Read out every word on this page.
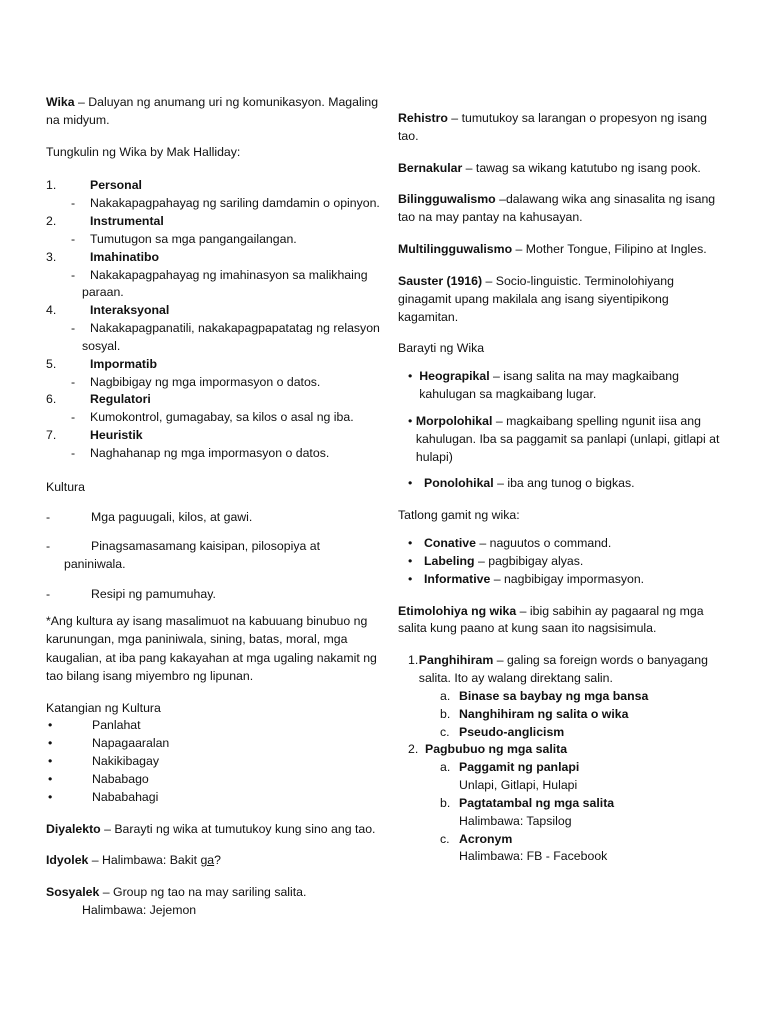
Wika – Daluyan ng anumang uri ng komunikasyon. Magaling na midyum.

Tungkulin ng Wika by Mak Halliday:

1.	Personal
-	Nakakapagpahayag ng sariling damdamin o opinyon.
2.	Instrumental
-	Tumutugon sa mga pangangailangan.
3.	Imahinatibo
-	Nakakapagpahayag ng imahinasyon sa malikhaing
paraan.
4.	Interaksyonal
-	Nakakapagpanatili, nakakapagpapatatag ng relasyon
sosyal.
5.	Impormatib
-	Nagbibigay ng mga impormasyon o datos.
6.	Regulatori
-	Kumokontrol, gumagabay, sa kilos o asal ng iba.
7.	Heuristik
-	Naghahanap ng mga impormasyon o datos.

Kultura

-	Mga paguugali, kilos, at gawi.
-	Pinagsamasamang kaisipan, pilosopiya at
paniniwala.
-	Resipi ng pamumuhay.

*Ang kultura ay isang masalimuot na kabuuang binubuo ng karunungan, mga paniniwala, sining, batas, moral, mga kaugalian, at iba pang kakayahan at mga ugaling nakamit ng tao bilang isang miyembro ng lipunan.

Katangian ng Kultura

•	Panlahat
•	Napagaaralan
•	Nakikibagay
•	Nababago
•	Nababahagi

Diyalekto – Barayti ng wika at tumutukoy kung sino ang tao.

Idyolek – Halimbawa: Bakit ga?

Sosyalek – Group ng tao na may sariling salita.

Halimbawa: Jejemon

Rehistro – tumutukoy sa larangan o propesyon ng isang tao.

Bernakular – tawag sa wikang katutubo ng isang pook.

Bilingguwalismo –dalawang wika ang sinasalita ng isang tao na may pantay na kahusayan.

Multilingguwalismo – Mother Tongue, Filipino at Ingles.

Sauster (1916) – Socio-linguistic. Terminolohiyang ginagamit upang makilala ang isang siyentipikong kagamitan.

Barayti ng Wika

• Heograpikal – isang salita na may magkaibang kahulugan sa magkaibang lugar.
• Morpolohikal – magkaibang spelling ngunit iisa ang kahulugan. Iba sa paggamit sa panlapi (unlapi, gitlapi at hulapi)
• Ponolohikal – iba ang tunog o bigkas.

Tatlong gamit ng wika:

• Conative – naguutos o command.
• Labeling – pagbibigay alyas.
• Informative – nagbibigay impormasyon.

Etimolohiya ng wika – ibig sabihin ay pagaaral ng mga salita kung paano at kung saan ito nagsisimula.

1. Panghihiram – galing sa foreign words o banyagang salita. Ito ay walang direktang salin.
a. Binase sa baybay ng mga bansa
b. Nanghihiram ng salita o wika
c. Pseudo-anglicism
2. Pagbubuo ng mga salita
a. Paggamit ng panlapi
Unlapi, Gitlapi, Hulapi
b. Pagtatambal ng mga salita
Halimbawa: Tapsilog
c. Acronym
Halimbawa: FB - Facebook
